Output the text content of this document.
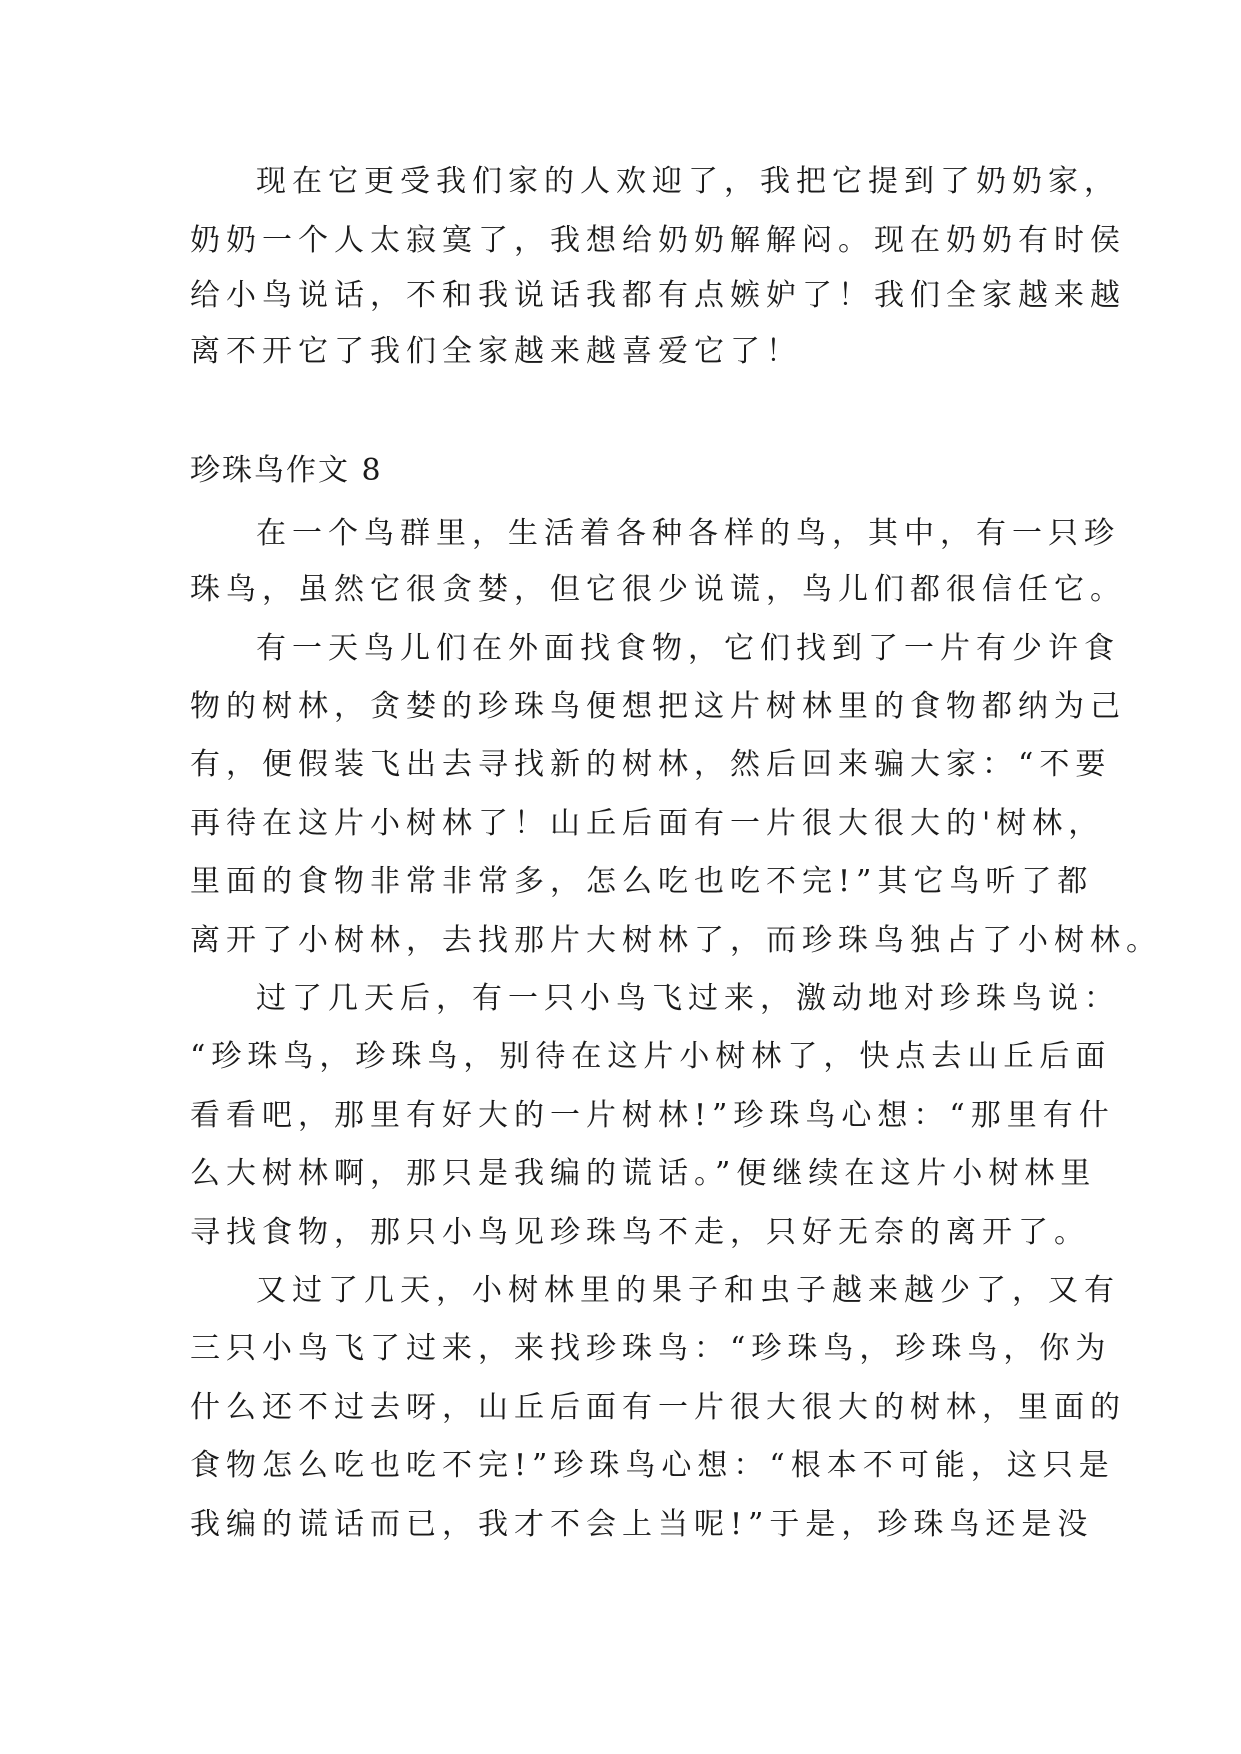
现在它更受我们家的人欢迎了，我把它提到了奶奶家，
奶奶一个人太寂寞了，我想给奶奶解解闷。现在奶奶有时侯
给小鸟说话，不和我说话我都有点嫉妒了！我们全家越来越
离不开它了我们全家越来越喜爱它了！
珍珠鸟作文 8
在一个鸟群里，生活着各种各样的鸟，其中，有一只珍
珠鸟，虽然它很贪婪，但它很少说谎，鸟儿们都很信任它。
有一天鸟儿们在外面找食物，它们找到了一片有少许食
物的树林，贪婪的珍珠鸟便想把这片树林里的食物都纳为己
有，便假装飞出去寻找新的树林，然后回来骗大家：“不要
再待在这片小树林了！山丘后面有一片很大很大的'树林，
里面的食物非常非常多，怎么吃也吃不完!”其它鸟听了都
离开了小树林，去找那片大树林了，而珍珠鸟独占了小树林。
过了几天后，有一只小鸟飞过来，激动地对珍珠鸟说：
“珍珠鸟，珍珠鸟，别待在这片小树林了，快点去山丘后面
看看吧，那里有好大的一片树林!”珍珠鸟心想：“那里有什
么大树林啊，那只是我编的谎话。”便继续在这片小树林里
寻找食物，那只小鸟见珍珠鸟不走，只好无奈的离开了。
又过了几天，小树林里的果子和虫子越来越少了，又有
三只小鸟飞了过来，来找珍珠鸟：“珍珠鸟，珍珠鸟，你为
什么还不过去呀，山丘后面有一片很大很大的树林，里面的
食物怎么吃也吃不完!”珍珠鸟心想：“根本不可能，这只是
我编的谎话而已，我才不会上当呢!”于是，珍珠鸟还是没
